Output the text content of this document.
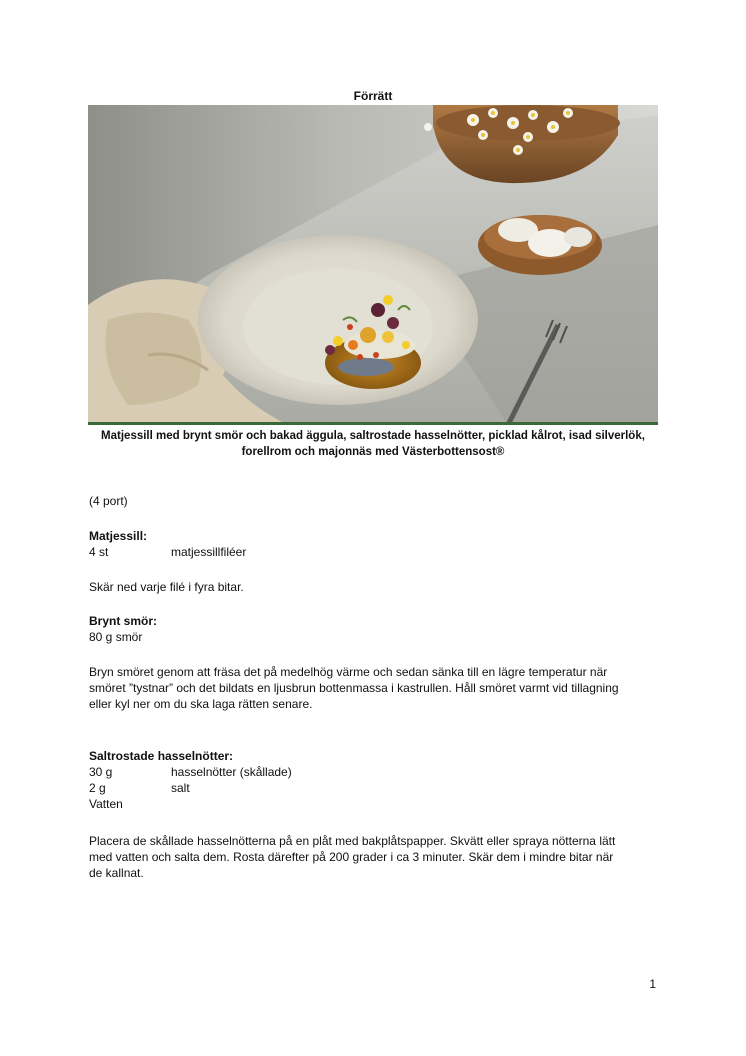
Förrätt
Matjessill med brynt smör och bakad äggula, saltrostade hasselnötter, picklad kålrot, isad silverlök,
forellrom och majonnäs med Västerbottensost®
(4 port)
Matjessill:
4 st	matjessillfiléer
Skär ned varje filé i fyra bitar.
Brynt smör:
80 g smör
Bryn smöret genom att fräsa det på medelhög värme och sedan sänka till en lägre temperatur när
smöret ”tystnar” och det bildats en ljusbrun bottenmassa i kastrullen. Håll smöret varmt vid tillagning
eller kyl ner om du ska laga rätten senare.
Saltrostade hasselnötter:
30 g	hasselnötter (skållade)
2 g	salt
Vatten
Placera de skållade hasselnötterna på en plåt med bakplåtspapper. Skvätt eller spraya nötterna lätt
med vatten och salta dem. Rosta därefter på 200 grader i ca 3 minuter. Skär dem i mindre bitar när
de kallnat.
1
